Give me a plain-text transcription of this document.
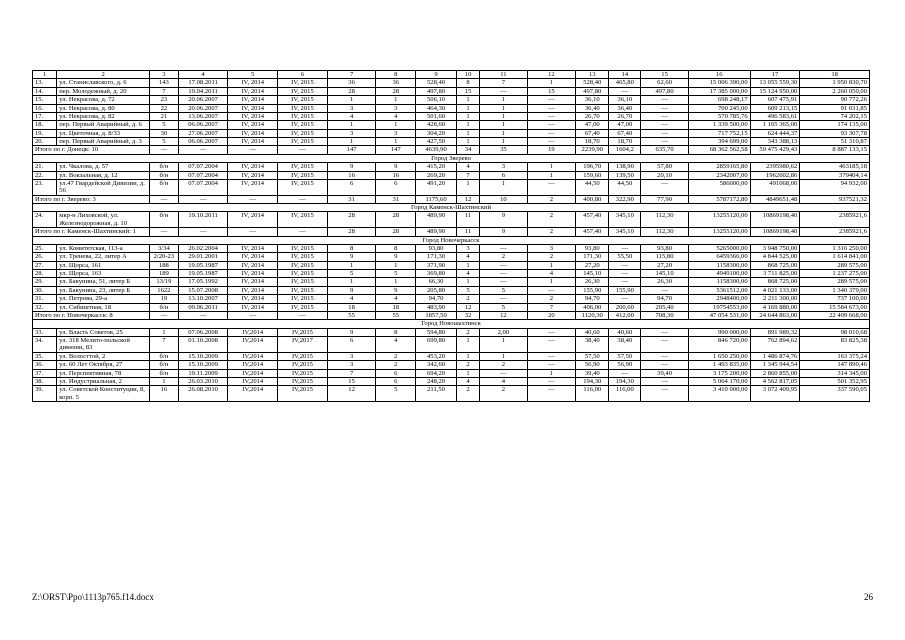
1	2	3	4	5	6	7	8	9	10	11	12	13	14	15	16	17	18
13.	ул. Станиславского, д. 6	143	17.08.2011	IV, 2014	IV, 2015	36	36	528,40	8	7	1	528,40	465,80	62,60	15 006 390,00	13 055 559,30	1 950 830,70
14.	пер. Молодежный, д. 20	7	19.04.2011	IV, 2014	IV, 2015	28	28	497,80	15	—	15	497,80	—	497,80	17 385 000,00	15 124 950,00	2 260 050,00
15.	ул. Некрасова, д. 72	23	20.06.2007	IV, 2014	IV, 2015	1	1	506,10	1	1	—	36,10	36,10	—	698 248,17	607 475,91	90 772,26
16.	ул. Некрасова, д. 80	22	20.06.2007	IV, 2014	IV, 2015	3	3	464,30	1	1	—	36,40	36,40	—	700 245,00	609 213,15	91 031,85
17.	ул. Некрасова, д. 82	21	13.06.2007	IV, 2014	IV, 2015	4	4	501,60	1	1	—	26,70	26,70	—	570 785,76	496 583,61	74 202,15
18.	пер. Первый Аварийный, д. 6	5	06.06.2007	IV, 2014	IV, 2015	1	1	428,60	1	1	—	47,00	47,00	—	1 339 500,00	1 165 365,00	174 135,00
19.	ул. Цветочная, д. 8/33	30	27.06.2007	IV, 2014	IV, 2015	3	3	304,20	1	1	—	67,40	67,40	—	717 752,15	624 444,37	93 307,78
20.	пер. Первый Аварийный, д. 3	5	06.06.2007	IV, 2014	IV, 2015	1	1	427,50	1	1	—	18,70	18,70	—	394 699,00	343 388,13	51 310,87
Итого по г. Донецк: 10		—	—	—	—	147	147	4639,90	34	35	19	2239,90	1604,2	635,70	68 362 562,58	59 475 429,43	8 887 133,15
Город Зверево																	
21.	ул. Чкалова, д. 57	б/н	07.07.2004	IV, 2014	IV, 2015	9	9	415,20	4	3	1	196,70	138,90	57,80	2859165,80	2395980,62	463185,18
22.	ул. Вокзальная, д. 12	б/н	07.07.2004	IV, 2014	IV, 2015	16	16	269,20	7	6	1	159,60	139,50	20,10	2342007,00	1962602,86	379404,14
23.	ул.47 Гвардейской Дивизии, д. 56	б/н	07.07.2004	IV, 2014	IV, 2015	6	6	491,20	1	1	—	44,50	44,50	—	586000,00	491068,00	94 932,00
Итого по г. Зверево: 3		—	—	—	—	31	31	1175,60	12	10	2	400,80	322,90	77,90	5787172,80	4849651,48	937521,32
Город Каменск-Шахтинский																	
24.	мкр-н Лиховской, ул. Железнодорожная, д. 10	б/н	19.10.2011	IV, 2014	IV, 2015	28	28	489,90	11	9	2	457,40	345,10	112,30	13255120,00	10869198,40	2385921,6
Итого по г. Каменск-Шахтинский: 1		—	—	—	—	28	28	489,90	11	9	2	457,40	345,10	112,30	13255120,00	10869198,40	2385921,6
Город Новочеркасск																	
25.	ул. Комитетская, 113-а	3/34	26.02.2004	IV, 2014	IV, 2015	8	8	93,80	3	—	3	93,80	—	93,80	5265000,00	3 948 750,00	1 316 250,00
26.	ул. Тренева, 22, литер А	2/20-23	29.01.2001	IV, 2014	IV, 2015	9	9	171,30	4	2	2	171,30	55,50	115,80	6459366,00	4 844 525,00	1 614 841,00
27.	ул. Щорса, 161	188	19.05.1987	IV, 2014	IV, 2015	1	1	371,90	1	—	1	27,20	—	27,20	1158300,00	868 725,00	289 575,00
28.	ул. Щорса, 163	189	19.05.1987	IV, 2014	IV, 2015	5	5	369,80	4	—	4	145,10	—	145,10	4949100,00	3 711 825,00	1 237 275,00
29.	ул. Бакунина, 51, литер Б	13/19	17.05.1992	IV, 2014	IV, 2015	1	1	66,30	1	—	1	26,30	—	26,30	1158300,00	868 725,00	289 575,00
30.	ул. Бакунина, 23, литер Б	1622	15.07.2008	IV, 2014	IV, 2015	9	9	205,80	5	5	—	155,90	155,90	—	5361512,00	4 021 133,00	1 340 379,00
31.	ул. Петрова, 29-а	19	13.10.2007	IV, 2014	IV, 2015	4	4	94,70	2	—	2	94,70	—	94,70	2948400,00	2 211 300,00	737 100,00
32.	ул. Сибиштная, 18	б/н	09.06.2011	IV, 2014	IV, 2015	18	18	483,90	12	5	7	406,00	200,60	205,40	19754553,00	4 169 880,00	15 584 673,00
Итого по г. Новочеркасск: 8		—	—	—	—	55	55	1857,50	32	12	20	1120,30	412,00	708,30	47 054 531,00	24 644 863,00	22 409 668,00
Город Новошахтинск																	
33.	ул. Власть Советов, 25	1	07.06.2008	IV,2014	IV,2015	9	8	594,80	2	2,00	—	40,60	40,60	—	990 000,00	891 989,32	98 010,68
34.	ул. 318 Мелито-польской дивизии, 83	7	01.10.2008	IV,2014	IV,2017	6	4	699,80	1	1	—	38,40	38,40	—	846 720,00	762 894,62	83 825,38
35.	ул. Волосттой, 2	б/н	15.10.2009	IV,2014	IV,2015	3	2	453,20	1	1	—	57,50	57,50	—	1 650 250,00	1 486 874,76	163 375,24
36.	ул. 60 Лет Октября, 27	б/н	15.10.2009	IV,2014	IV,2015	3	2	342,60	2	2	—	56,90	56,90	—	1 493 835,00	1 345 944,54	147 890,46
37.	ул. Перспективная, 78	б/н	19.11.2009	IV,2014	IV,2015	7	6	694,20	1	—	1	39,40	—	39,40	3 175 200,00	2 860 855,00	314 345,00
38.	ул. Индустриальная, 2	1	26.03.2010	IV,2014	IV,2015	15	6	248,20	4	4	—	194,30	194,30	—	5 064 170,00	4 562 817,05	501 352,95
39.	ул. Советской Конституции, 8, корп. 5	16	26.08.2010	IV,2014	IV,2015	12	5	211,50	2	2	—	116,00	116,00	—	3 410 000,00	3 072 409,95	337 590,05
Z:\ORST\Ppo\1113p765.f14.docx	26
